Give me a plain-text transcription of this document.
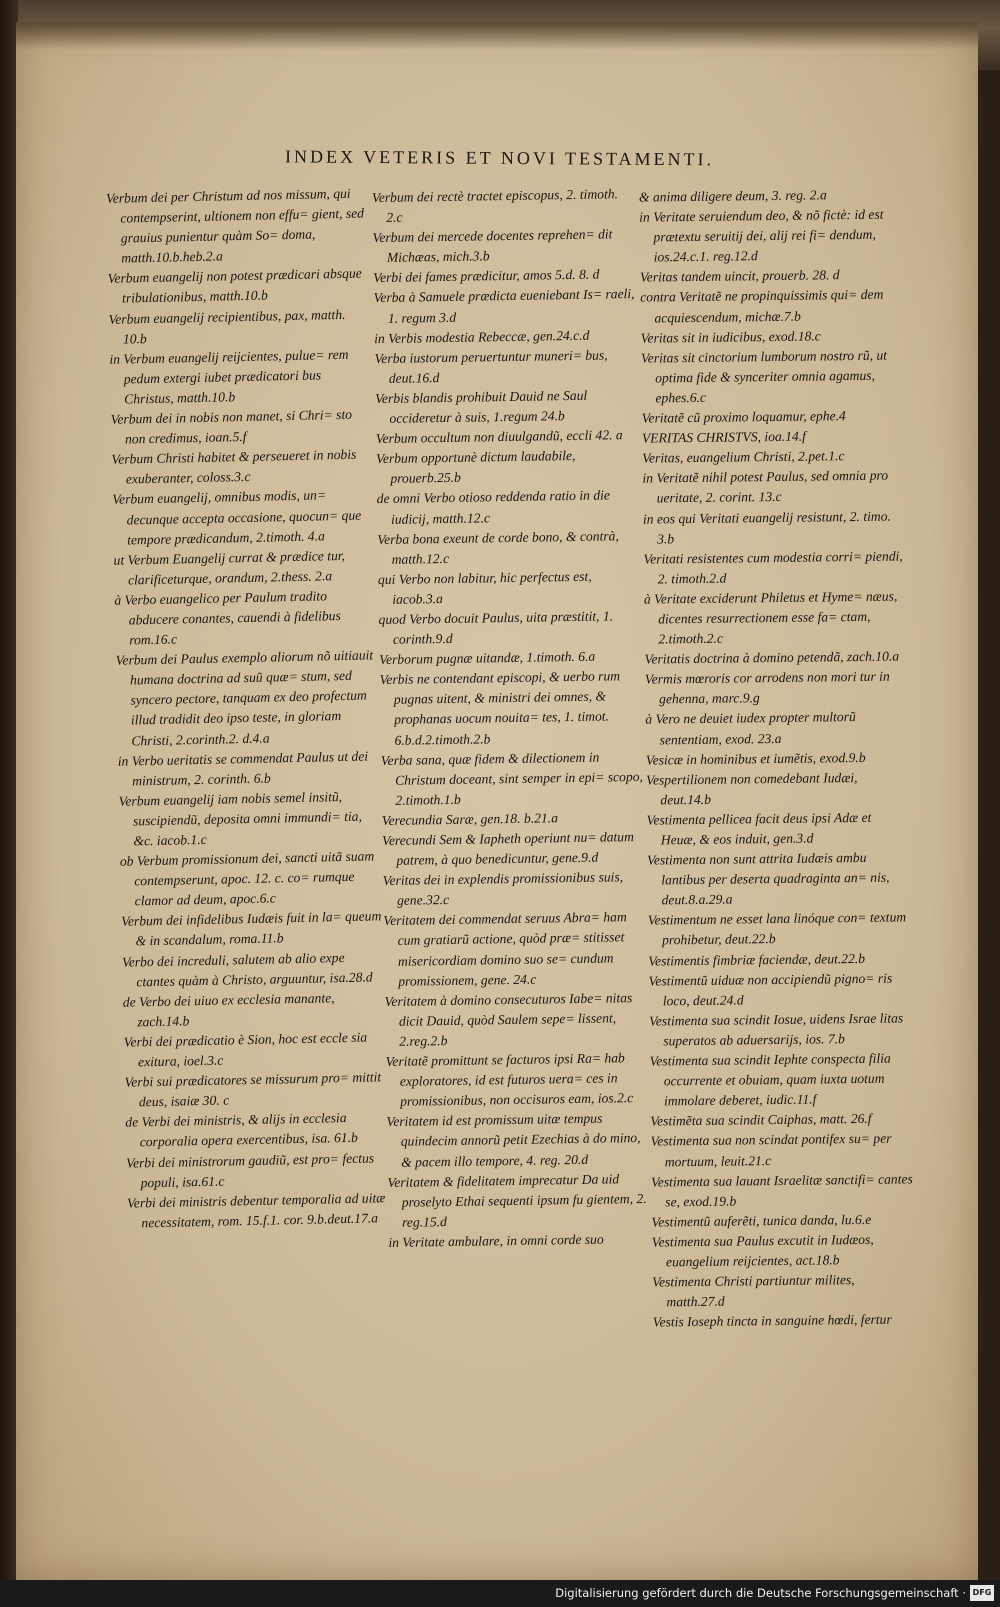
INDEX VETERIS ET NOVI TESTAMENTI.

Verbum dei per Christum ad nos missum, qui contempserint, ultionem non effu= gient, sed grauius punientur quàm So= doma, matth.10.b.heb.2.a

Verbum euangelij non potest prædicari absque tribulationibus, matth.10.b

Verbum euangelij recipientibus, pax, matth. 10.b

in Verbum euangelij reijcientes, pulue= rem pedum extergi iubet prædicatori bus Christus, matth.10.b

Verbum dei in nobis non manet, si Chri= sto non credimus, ioan.5.f

Verbum Christi habitet & perseueret in nobis exuberanter, coloss.3.c

Verbum euangelij, omnibus modis, un= decunque accepta occasione, quocun= que tempore prædicandum, 2.timoth. 4.a

ut Verbum Euangelij currat & prædice tur, clarificeturque, orandum, 2.thess. 2.a

à Verbo euangelico per Paulum tradito abducere conantes, cauendi à fidelibus rom.16.c

Verbum dei Paulus exemplo aliorum nõ uitiauit humana doctrina ad suũ quæ= stum, sed syncero pectore, tanquam ex deo profectum illud tradidit deo ipso teste, in gloriam Christi, 2.corinth.2. d.4.a

in Verbo ueritatis se commendat Paulus ut dei ministrum, 2. corinth. 6.b

Verbum euangelij iam nobis semel insitũ, suscipiendũ, deposita omni immundi= tia, &c. iacob.1.c

ob Verbum promissionum dei, sancti uitã suam contempserunt, apoc. 12. c. co= rumque clamor ad deum, apoc.6.c

Verbum dei infidelibus Iudæis fuit in la= queum & in scandalum, roma.11.b

Verbo dei increduli, salutem ab alio expe ctantes quàm à Christo, arguuntur, isa.28.d

de Verbo dei uiuo ex ecclesia manante, zach.14.b

Verbi dei prædicatio è Sion, hoc est eccle sia exitura, ioel.3.c

Verbi sui prædicatores se missurum pro= mittit deus, isaiæ 30. c

de Verbi dei ministris, & alijs in ecclesia corporalia opera exercentibus, isa. 61.b

Verbi dei ministrorum gaudiũ, est pro= fectus populi, isa.61.c

Verbi dei ministris debentur temporalia ad uitæ necessitatem, rom. 15.f.1. cor. 9.b.deut.17.a

Verbum dei rectè tractet episcopus, 2. timoth. 2.c

Verbum dei mercede docentes reprehen= dit Michæas, mich.3.b

Verbi dei fames prædicitur, amos 5.d. 8. d

Verba à Samuele prædicta eueniebant Is= raeli, 1. regum 3.d

in Verbis modestia Rebeccæ, gen.24.c.d

Verba iustorum peruertuntur muneri= bus, deut.16.d

Verbis blandis prohibuit Dauid ne Saul occideretur à suis, 1.regum 24.b

Verbum occultum non diuulgandũ, eccli 42. a

Verbum opportunè dictum laudabile, prouerb.25.b

de omni Verbo otioso reddenda ratio in die iudicij, matth.12.c

Verba bona exeunt de corde bono, & contrà, matth.12.c

qui Verbo non labitur, hic perfectus est, iacob.3.a

quod Verbo docuit Paulus, uita præstitit, 1. corinth.9.d

Verborum pugnæ uitandæ, 1.timoth. 6.a

Verbis ne contendant episcopi, & uerbo rum pugnas uitent, & ministri dei omnes, & prophanas uocum nouita= tes, 1. timot. 6.b.d.2.timoth.2.b

Verba sana, quæ fidem & dilectionem in Christum doceant, sint semper in epi= scopo, 2.timoth.1.b

Verecundia Saræ, gen.18. b.21.a

Verecundi Sem & Iapheth operiunt nu= datum patrem, à quo benedicuntur, gene.9.d

Veritas dei in explendis promissionibus suis, gene.32.c

Veritatem dei commendat seruus Abra= ham cum gratiarũ actione, quòd præ= stitisset misericordiam domino suo se= cundum promissionem, gene. 24.c

Veritatem à domino consecuturos Iabe= nitas dicit Dauid, quòd Saulem sepe= lissent, 2.reg.2.b

Veritatẽ promittunt se facturos ipsi Ra= hab exploratores, id est futuros uera= ces in promissionibus, non occisuros eam, ios.2.c

Veritatem id est promissum uitæ tempus quindecim annorũ petit Ezechias à do mino, & pacem illo tempore, 4. reg. 20.d

Veritatem & fidelitatem imprecatur Da uid proselyto Ethai sequenti ipsum fu gientem, 2. reg.15.d

in Veritate ambulare, in omni corde suo

& anima diligere deum, 3. reg. 2.a

in Veritate seruiendum deo, & nõ fictè: id est prætextu seruitij dei, alij rei fi= dendum, ios.24.c.1. reg.12.d

Veritas tandem uincit, prouerb. 28. d

contra Veritatẽ ne propinquissimis qui= dem acquiescendum, michæ.7.b

Veritas sit in iudicibus, exod.18.c

Veritas sit cinctorium lumborum nostro rũ, ut optima fide & synceriter omnia agamus, ephes.6.c

Veritatẽ cũ proximo loquamur, ephe.4

VERITAS CHRISTVS, ioa.14.f

Veritas, euangelium Christi, 2.pet.1.c

in Veritatẽ nihil potest Paulus, sed omnia pro ueritate, 2. corint. 13.c

in eos qui Veritati euangelij resistunt, 2. timo. 3.b

Veritati resistentes cum modestia corri= piendi, 2. timoth.2.d

à Veritate exciderunt Philetus et Hyme= næus, dicentes resurrectionem esse fa= ctam, 2.timoth.2.c

Veritatis doctrina à domino petendã, zach.10.a

Vermis mœroris cor arrodens non mori tur in gehenna, marc.9.g

à Vero ne deuiet iudex propter multorũ sententiam, exod. 23.a

Vesicæ in hominibus et iumẽtis, exod.9.b

Vespertilionem non comedebant Iudæi, deut.14.b

Vestimenta pellicea facit deus ipsi Adæ et Heuæ, & eos induit, gen.3.d

Vestimenta non sunt attrita Iudæis ambu lantibus per deserta quadraginta an= nis, deut.8.a.29.a

Vestimentum ne esset lana linóque con= textum prohibetur, deut.22.b

Vestimentis fimbriæ faciendæ, deut.22.b

Vestimentũ uiduæ non accipiendũ pigno= ris loco, deut.24.d

Vestimenta sua scindit Iosue, uidens Israe litas superatos ab aduersarijs, ios. 7.b

Vestimenta sua scindit Iephte conspecta filia occurrente et obuiam, quam iuxta uotum immolare deberet, iudic.11.f

Vestimẽta sua scindit Caiphas, matt. 26.f

Vestimenta sua non scindat pontifex su= per mortuum, leuit.21.c

Vestimenta sua lauant Israelitæ sanctifi= cantes se, exod.19.b

Vestimentũ auferẽti, tunica danda, lu.6.e

Vestimenta sua Paulus excutit in Iudæos, euangelium reijcientes, act.18.b

Vestimenta Christi partiuntur milites, matth.27.d

Vestis Ioseph tincta in sanguine hœdi, fertur

Digitalisierung gefördert durch die Deutsche Forschungsgemeinschaft · DFG
